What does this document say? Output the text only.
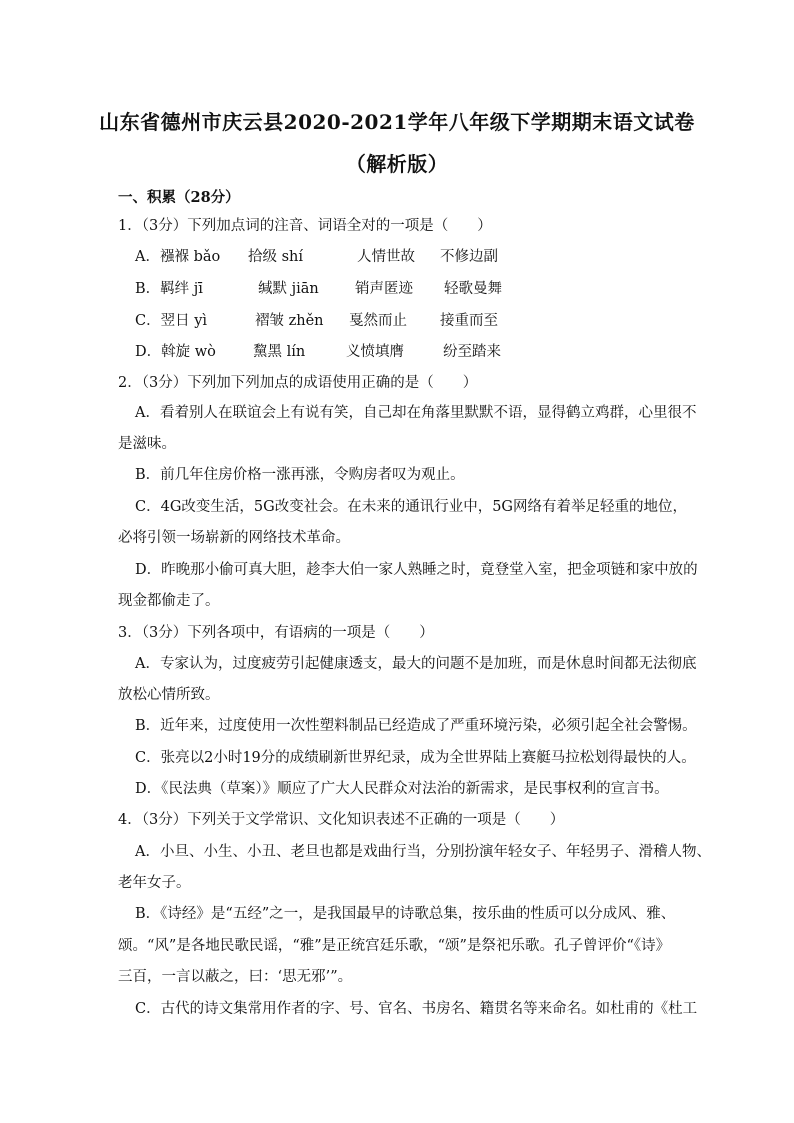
山东省德州市庆云县2020-2021学年八年级下学期期末语文试卷
（解析版）
一、积累（28分）
1．（3分）下列加点词的注音、词语全对的一项是（　　）
A．襁褓 bǎo 拾级 shí	人情世故 不修边副
B．羁绊 jī	缄默 jiān	销声匿迹 轻歌曼舞
C．翌日 yì	褶皱 zhěn 戛然而止 接重而至
D．斡旋 wò	黧黑 lín	义愤填膺	纷至踏来
2．（3分）下列加下列加点的成语使用正确的是（　　）
A．看着别人在联谊会上有说有笑，自己却在角落里默默不语，显得鹤立鸡群，心里很不
是滋味。
B．前几年住房价格一涨再涨，令购房者叹为观止。
C．4G改变生活，5G改变社会。在未来的通讯行业中，5G网络有着举足轻重的地位，
必将引领一场崭新的网络技术革命。
D．昨晚那小偷可真大胆，趁李大伯一家人熟睡之时，竟登堂入室，把金项链和家中放的
现金都偷走了。
3．（3分）下列各项中，有语病的一项是（　　）
A．专家认为，过度疲劳引起健康透支，最大的问题不是加班，而是休息时间都无法彻底
放松心情所致。
B．近年来，过度使用一次性塑料制品已经造成了严重环境污染，必须引起全社会警惕。
C．张亮以2小时19分的成绩刷新世界纪录，成为全世界陆上赛艇马拉松划得最快的人。
D．《民法典（草案）》顺应了广大人民群众对法治的新需求，是民事权利的宣言书。
4．（3分）下列关于文学常识、文化知识表述不正确的一项是（　　）
A．小旦、小生、小丑、老旦也都是戏曲行当，分别扮演年轻女子、年轻男子、滑稽人物、
老年女子。
B．《诗经》是“五经”之一，是我国最早的诗歌总集，按乐曲的性质可以分成风、雅、
颂。“风”是各地民歌民谣，“雅”是正统宫廷乐歌，“颂”是祭祀乐歌。孔子曾评价“《诗》
三百，一言以蔽之，曰：‘思无邪’”。
C．古代的诗文集常用作者的字、号、官名、书房名、籍贯名等来命名。如杜甫的《杜工
